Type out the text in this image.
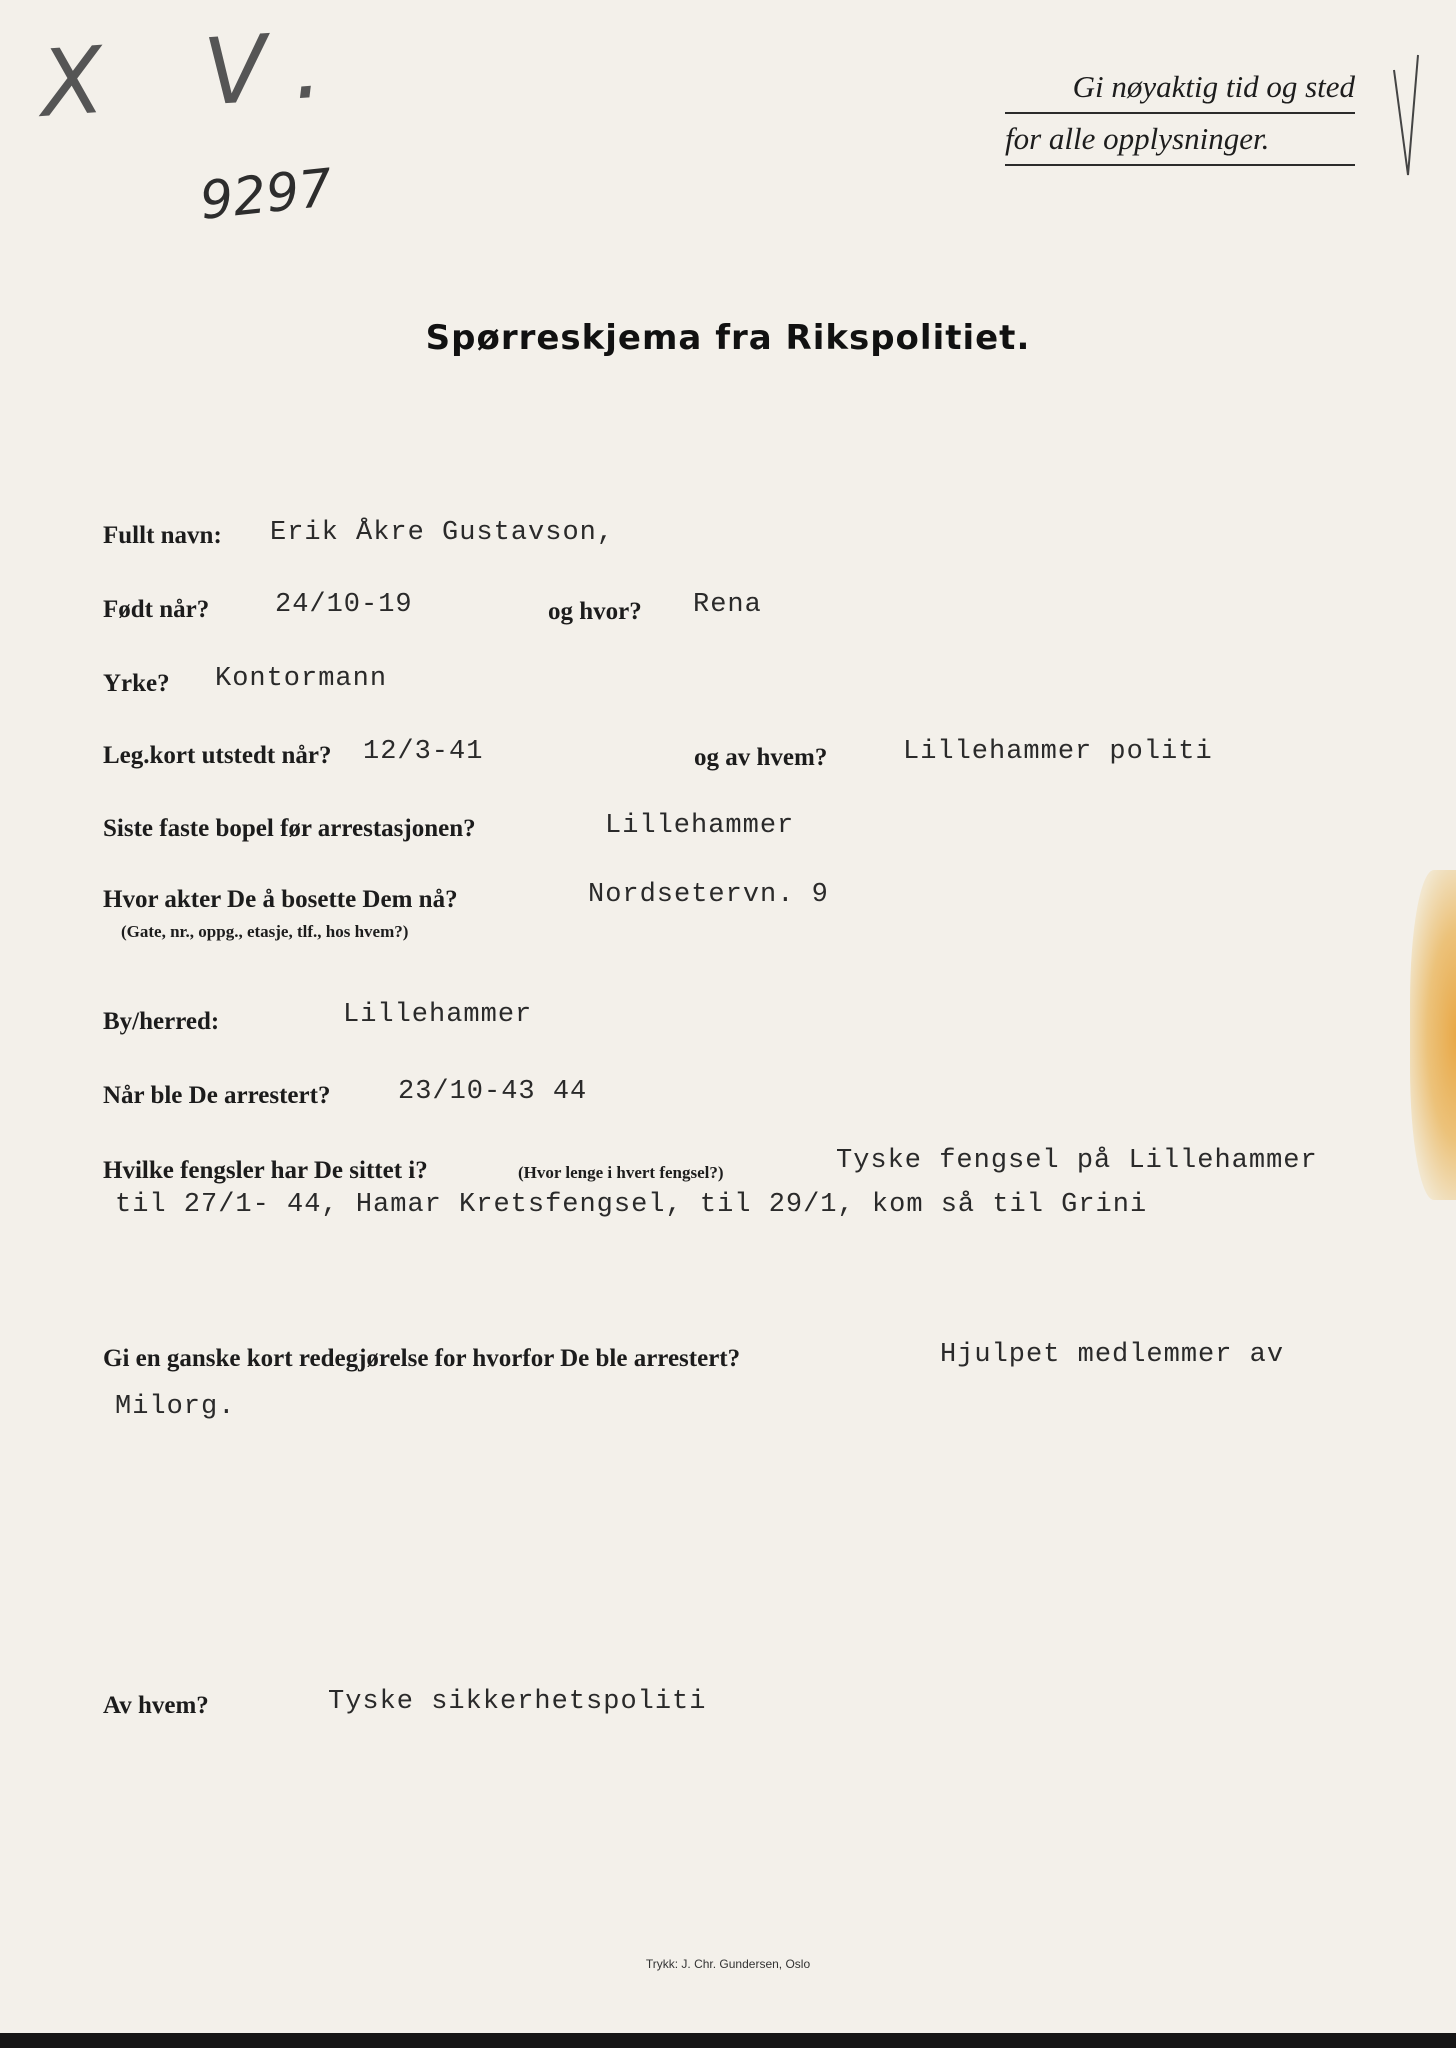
X V.
9297
Gi nøyaktig tid og sted
for alle opplysninger.
Spørreskjema fra Rikspolitiet.
Fullt navn: Erik Åkre Gustavson,
Født når? 24/10-19	og hvor? Rena
Yrke? Kontormann
Leg.kort utstedt når? 12/3-41	og av hvem?	Lillehammer politi
Siste faste bopel før arrestasjonen?	Lillehammer
Hvor akter De å bosette Dem nå?
(Gate, nr., oppg., etasje, tlf., hos hvem?)
Nordsetervn. 9
By/herred:	Lillehammer
Når ble De arrestert?	23/10-43 44
Hvilke fengsler har De sittet i?	(Hvor lenge i hvert fengsel?)	Tyske fengsel på Lillehammer
til 27/1- 44, Hamar Kretsfengsel, til 29/1, kom så til Grini
Gi en ganske kort redegjørelse for hvorfor De ble arrestert?	Hjulpet medlemmer av
Milorg.
Av hvem?	Tyske sikkerhetspoliti
Trykk: J. Chr. Gundersen, Oslo
